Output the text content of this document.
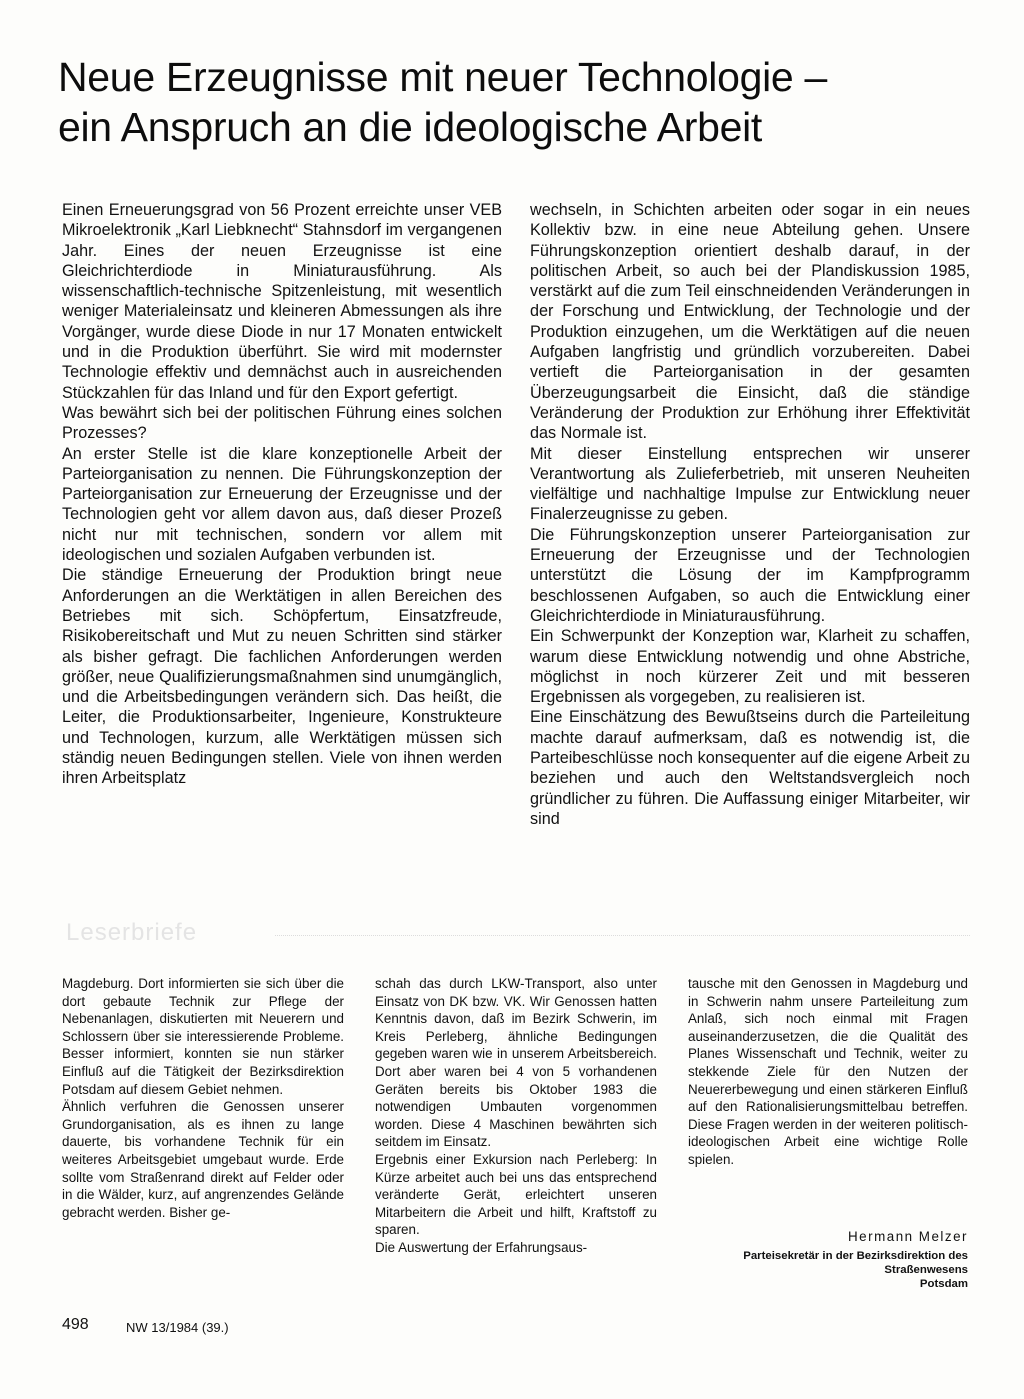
Neue Erzeugnisse mit neuer Technologie –
ein Anspruch an die ideologische Arbeit

Einen Erneuerungsgrad von 56 Prozent erreichte unser VEB Mikroelektronik „Karl Liebknecht“ Stahnsdorf im vergangenen Jahr. Eines der neuen Erzeugnisse ist eine Gleichrichterdiode in Miniaturausführung. Als wissenschaftlich-technische Spitzenleistung, mit wesentlich weniger Materialeinsatz und kleineren Abmessungen als ihre Vorgänger, wurde diese Diode in nur 17 Monaten entwickelt und in die Produktion überführt. Sie wird mit modernster Technologie effektiv und demnächst auch in ausreichenden Stückzahlen für das Inland und für den Export gefertigt.

Was bewährt sich bei der politischen Führung eines solchen Prozesses?

An erster Stelle ist die klare konzeptionelle Arbeit der Parteiorganisation zu nennen. Die Führungskonzeption der Parteiorganisation zur Erneuerung der Erzeugnisse und der Technologien geht vor allem davon aus, daß dieser Prozeß nicht nur mit technischen, sondern vor allem mit ideologischen und sozialen Aufgaben verbunden ist.

Die ständige Erneuerung der Produktion bringt neue Anforderungen an die Werktätigen in allen Bereichen des Betriebes mit sich. Schöpfertum, Einsatzfreude, Risikobereitschaft und Mut zu neuen Schritten sind stärker als bisher gefragt. Die fachlichen Anforderungen werden größer, neue Qualifizierungsmaßnahmen sind unumgänglich, und die Arbeitsbedingungen verändern sich. Das heißt, die Leiter, die Produktionsarbeiter, Ingenieure, Konstrukteure und Technologen, kurzum, alle Werktätigen müssen sich ständig neuen Bedingungen stellen. Viele von ihnen werden ihren Arbeitsplatz

wechseln, in Schichten arbeiten oder sogar in ein neues Kollektiv bzw. in eine neue Abteilung gehen. Unsere Führungskonzeption orientiert deshalb darauf, in der politischen Arbeit, so auch bei der Plandiskussion 1985, verstärkt auf die zum Teil einschneidenden Veränderungen in der Forschung und Entwicklung, der Technologie und der Produktion einzugehen, um die Werktätigen auf die neuen Aufgaben langfristig und gründlich vorzubereiten. Dabei vertieft die Parteiorganisation in der gesamten Überzeugungsarbeit die Einsicht, daß die ständige Veränderung der Produktion zur Erhöhung ihrer Effektivität das Normale ist.

Mit dieser Einstellung entsprechen wir unserer Verantwortung als Zulieferbetrieb, mit unseren Neuheiten vielfältige und nachhaltige Impulse zur Entwicklung neuer Finalerzeugnisse zu geben.

Die Führungskonzeption unserer Parteiorganisation zur Erneuerung der Erzeugnisse und der Technologien unterstützt die Lösung der im Kampfprogramm beschlossenen Aufgaben, so auch die Entwicklung einer Gleichrichterdiode in Miniaturausführung.

Ein Schwerpunkt der Konzeption war, Klarheit zu schaffen, warum diese Entwicklung notwendig und ohne Abstriche, möglichst in noch kürzerer Zeit und mit besseren Ergebnissen als vorgegeben, zu realisieren ist.

Eine Einschätzung des Bewußtseins durch die Parteileitung machte darauf aufmerksam, daß es notwendig ist, die Parteibeschlüsse noch konsequenter auf die eigene Arbeit zu beziehen und auch den Weltstandsvergleich noch gründlicher zu führen. Die Auffassung einiger Mitarbeiter, wir sind

Leserbriefe

Magdeburg. Dort informierten sie sich über die dort gebaute Technik zur Pflege der Nebenanlagen, diskutierten mit Neuerern und Schlossern über sie interessierende Probleme. Besser informiert, konnten sie nun stärker Einfluß auf die Tätigkeit der Bezirksdirektion Potsdam auf diesem Gebiet nehmen.

Ähnlich verfuhren die Genossen unserer Grundorganisation, als es ihnen zu lange dauerte, bis vorhandene Technik für ein weiteres Arbeitsgebiet umgebaut wurde. Erde sollte vom Straßenrand direkt auf Felder oder in die Wälder, kurz, auf angrenzendes Gelände gebracht werden. Bisher ge-

schah das durch LKW-Transport, also unter Einsatz von DK bzw. VK. Wir Genossen hatten Kenntnis davon, daß im Bezirk Schwerin, im Kreis Perleberg, ähnliche Bedingungen gegeben waren wie in unserem Arbeitsbereich. Dort aber waren bei 4 von 5 vorhandenen Geräten bereits bis Oktober 1983 die notwendigen Umbauten vorgenommen worden. Diese 4 Maschinen bewährten sich seitdem im Einsatz.

Ergebnis einer Exkursion nach Perleberg: In Kürze arbeitet auch bei uns das entsprechend veränderte Gerät, erleichtert unseren Mitarbeitern die Arbeit und hilft, Kraftstoff zu sparen.

Die Auswertung der Erfahrungsaus-

tausche mit den Genossen in Magdeburg und in Schwerin nahm unsere Parteileitung zum Anlaß, sich noch einmal mit Fragen auseinanderzusetzen, die die Qualität des Planes Wissenschaft und Technik, weiter zu stekkende Ziele für den Nutzen der Neuererbewegung und einen stärkeren Einfluß auf den Rationalisierungsmittelbau betreffen. Diese Fragen werden in der weiteren politisch-ideologischen Arbeit eine wichtige Rolle spielen.

Hermann Melzer
Parteisekretär in der Bezirksdirektion des
Straßenwesens
Potsdam
498	NW 13/1984 (39.)
